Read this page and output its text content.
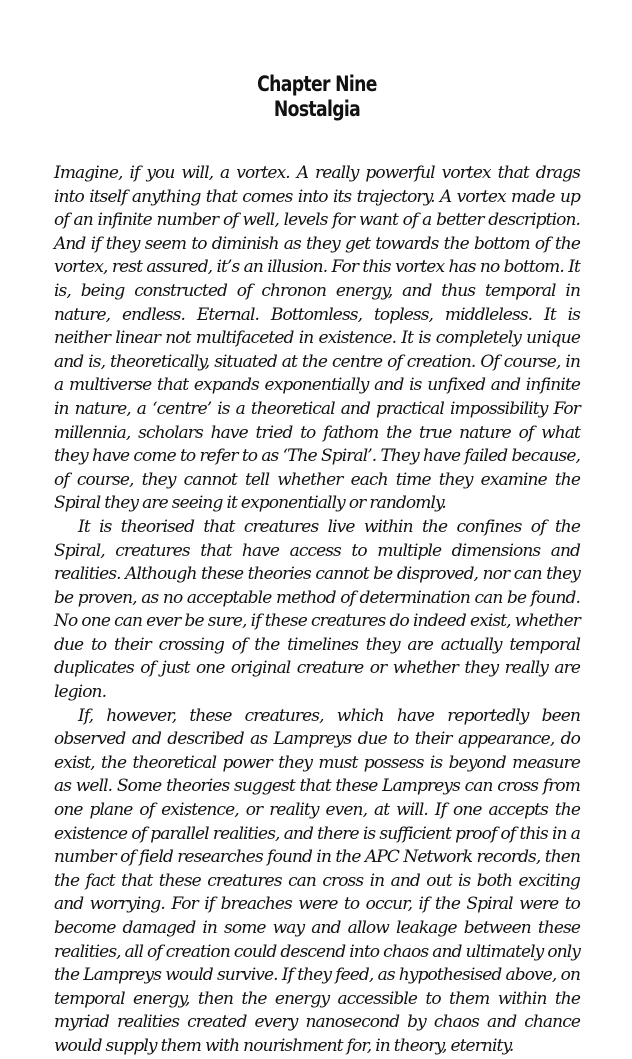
Chapter Nine
Nostalgia

Imagine, if you will, a vortex. A really powerful vortex that drags into itself anything that comes into its trajectory. A vortex made up of an infinite number of well, levels for want of a better description. And if they seem to diminish as they get towards the bottom of the vortex, rest assured, it’s an illusion. For this vortex has no bottom. It is, being constructed of chronon energy, and thus temporal in nature, endless. Eternal. Bottomless, topless, middleless. It is neither linear not multifaceted in existence. It is completely unique and is, theoretically, situated at the centre of creation. Of course, in a multiverse that expands exponentially and is unfixed and infinite in nature, a ‘centre’ is a theoretical and practical impossibility For millennia, scholars have tried to fathom the true nature of what they have come to refer to as ‘The Spiral’. They have failed because, of course, they cannot tell whether each time they examine the Spiral they are seeing it exponentially or randomly.

It is theorised that creatures live within the confines of the Spiral, creatures that have access to multiple dimensions and realities. Although these theories cannot be disproved, nor can they be proven, as no acceptable method of determination can be found. No one can ever be sure, if these creatures do indeed exist, whether due to their crossing of the timelines they are actually temporal duplicates of just one original creature or whether they really are legion.

If, however, these creatures, which have reportedly been observed and described as Lampreys due to their appearance, do exist, the theoretical power they must possess is beyond measure as well. Some theories suggest that these Lampreys can cross from one plane of existence, or reality even, at will. If one accepts the existence of parallel realities, and there is sufficient proof of this in a number of field researches found in the APC Network records, then the fact that these creatures can cross in and out is both exciting and worrying. For if breaches were to occur, if the Spiral were to become damaged in some way and allow leakage between these realities, all of creation could descend into chaos and ultimately only the Lampreys would survive. If they feed, as hypothesised above, on temporal energy, then the energy accessible to them within the myriad realities created every nanosecond by chaos and chance would supply them with nourishment for, in theory, eternity.
